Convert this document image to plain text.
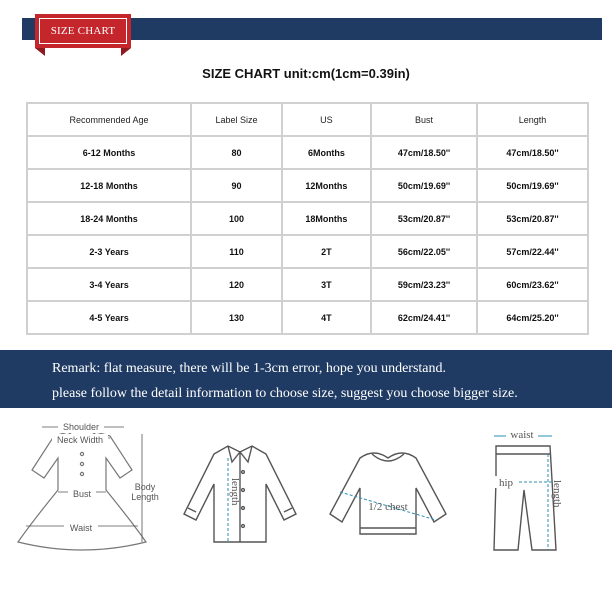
SIZE CHART
SIZE CHART unit:cm(1cm=0.39in)
Recommended Age	Label Size	US	Bust	Length
6-12 Months	80	6Months	47cm/18.50''	47cm/18.50''
12-18 Months	90	12Months	50cm/19.69''	50cm/19.69''
18-24 Months	100	18Months	53cm/20.87''	53cm/20.87''
2-3 Years	110	2T	56cm/22.05''	57cm/22.44''
3-4 Years	120	3T	59cm/23.23''	60cm/23.62''
4-5 Years	130	4T	62cm/24.41''	64cm/25.20''
Remark: flat measure, there will be 1-3cm error, hope you understand.
please follow the detail information to choose size, suggest you choose bigger size.
Shoulder
Neck Width
Bust
Waist
Body
Length	length
1/2 chest
waist
hip	length
